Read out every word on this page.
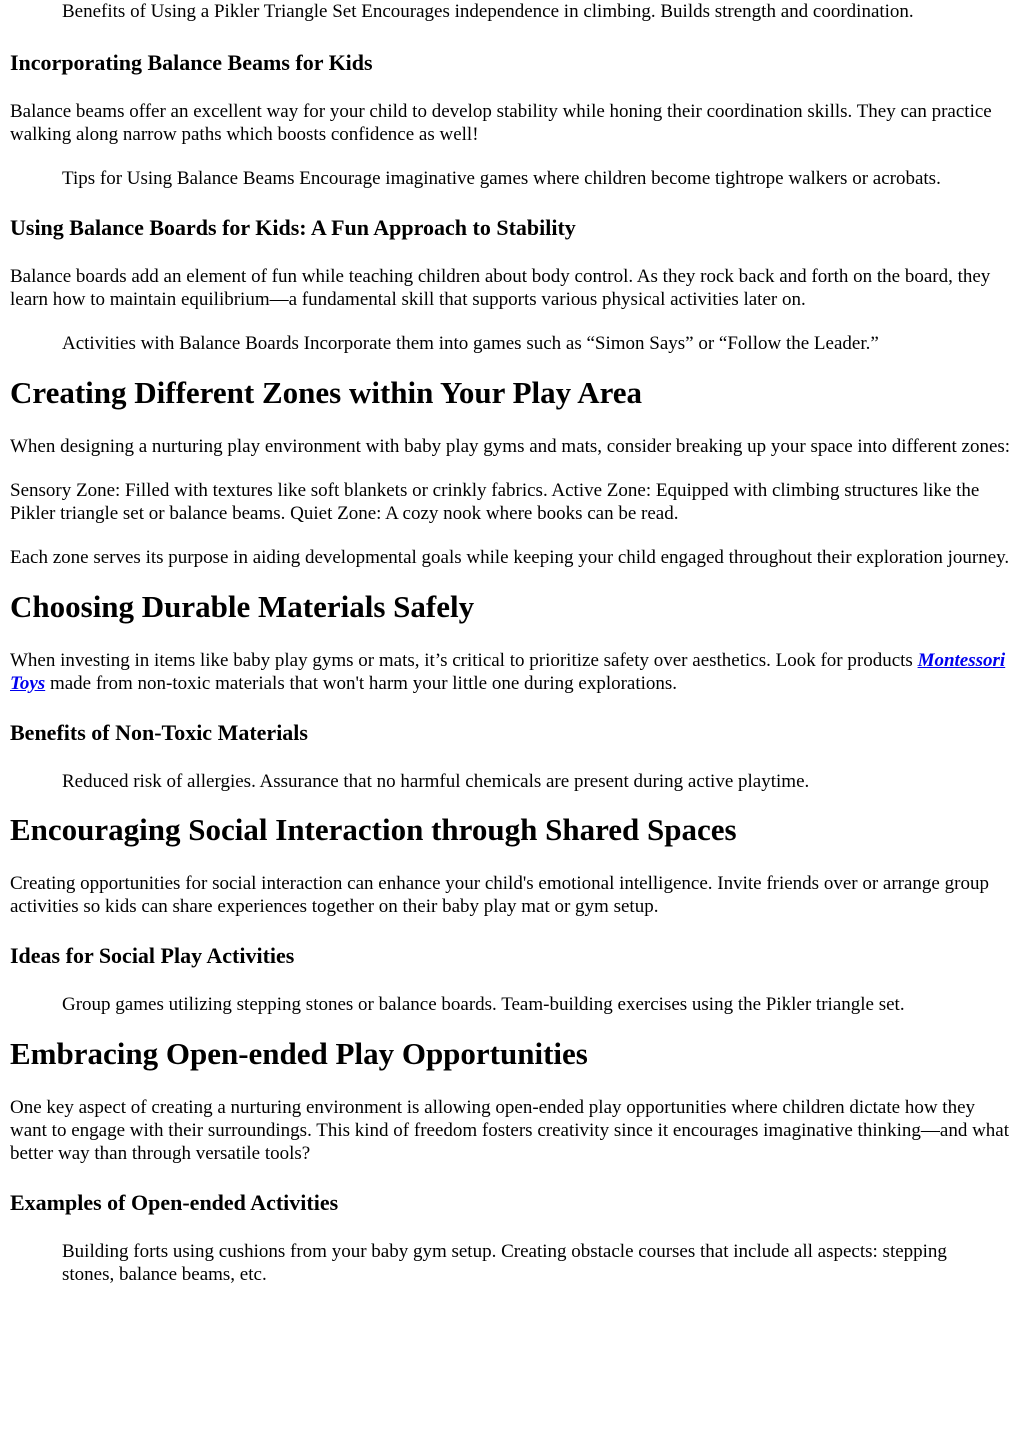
Benefits of Using a Pikler Triangle Set Encourages independence in climbing. Builds strength and coordination.

Incorporating Balance Beams for Kids

Balance beams offer an excellent way for your child to develop stability while honing their coordination skills. They can practice walking along narrow paths which boosts confidence as well!

Tips for Using Balance Beams Encourage imaginative games where children become tightrope walkers or acrobats.

Using Balance Boards for Kids: A Fun Approach to Stability

Balance boards add an element of fun while teaching children about body control. As they rock back and forth on the board, they learn how to maintain equilibrium—a fundamental skill that supports various physical activities later on.

Activities with Balance Boards Incorporate them into games such as “Simon Says” or “Follow the Leader.”

Creating Different Zones within Your Play Area

When designing a nurturing play environment with baby play gyms and mats, consider breaking up your space into different zones:

Sensory Zone: Filled with textures like soft blankets or crinkly fabrics. Active Zone: Equipped with climbing structures like the Pikler triangle set or balance beams. Quiet Zone: A cozy nook where books can be read.

Each zone serves its purpose in aiding developmental goals while keeping your child engaged throughout their exploration journey.

Choosing Durable Materials Safely

When investing in items like baby play gyms or mats, it’s critical to prioritize safety over aesthetics. Look for products Montessori Toys made from non-toxic materials that won't harm your little one during explorations.

Benefits of Non-Toxic Materials

Reduced risk of allergies. Assurance that no harmful chemicals are present during active playtime.

Encouraging Social Interaction through Shared Spaces

Creating opportunities for social interaction can enhance your child's emotional intelligence. Invite friends over or arrange group activities so kids can share experiences together on their baby play mat or gym setup.

Ideas for Social Play Activities

Group games utilizing stepping stones or balance boards. Team-building exercises using the Pikler triangle set.

Embracing Open-ended Play Opportunities

One key aspect of creating a nurturing environment is allowing open-ended play opportunities where children dictate how they want to engage with their surroundings. This kind of freedom fosters creativity since it encourages imaginative thinking—and what better way than through versatile tools?

Examples of Open-ended Activities

Building forts using cushions from your baby gym setup. Creating obstacle courses that include all aspects: stepping stones, balance beams, etc.
